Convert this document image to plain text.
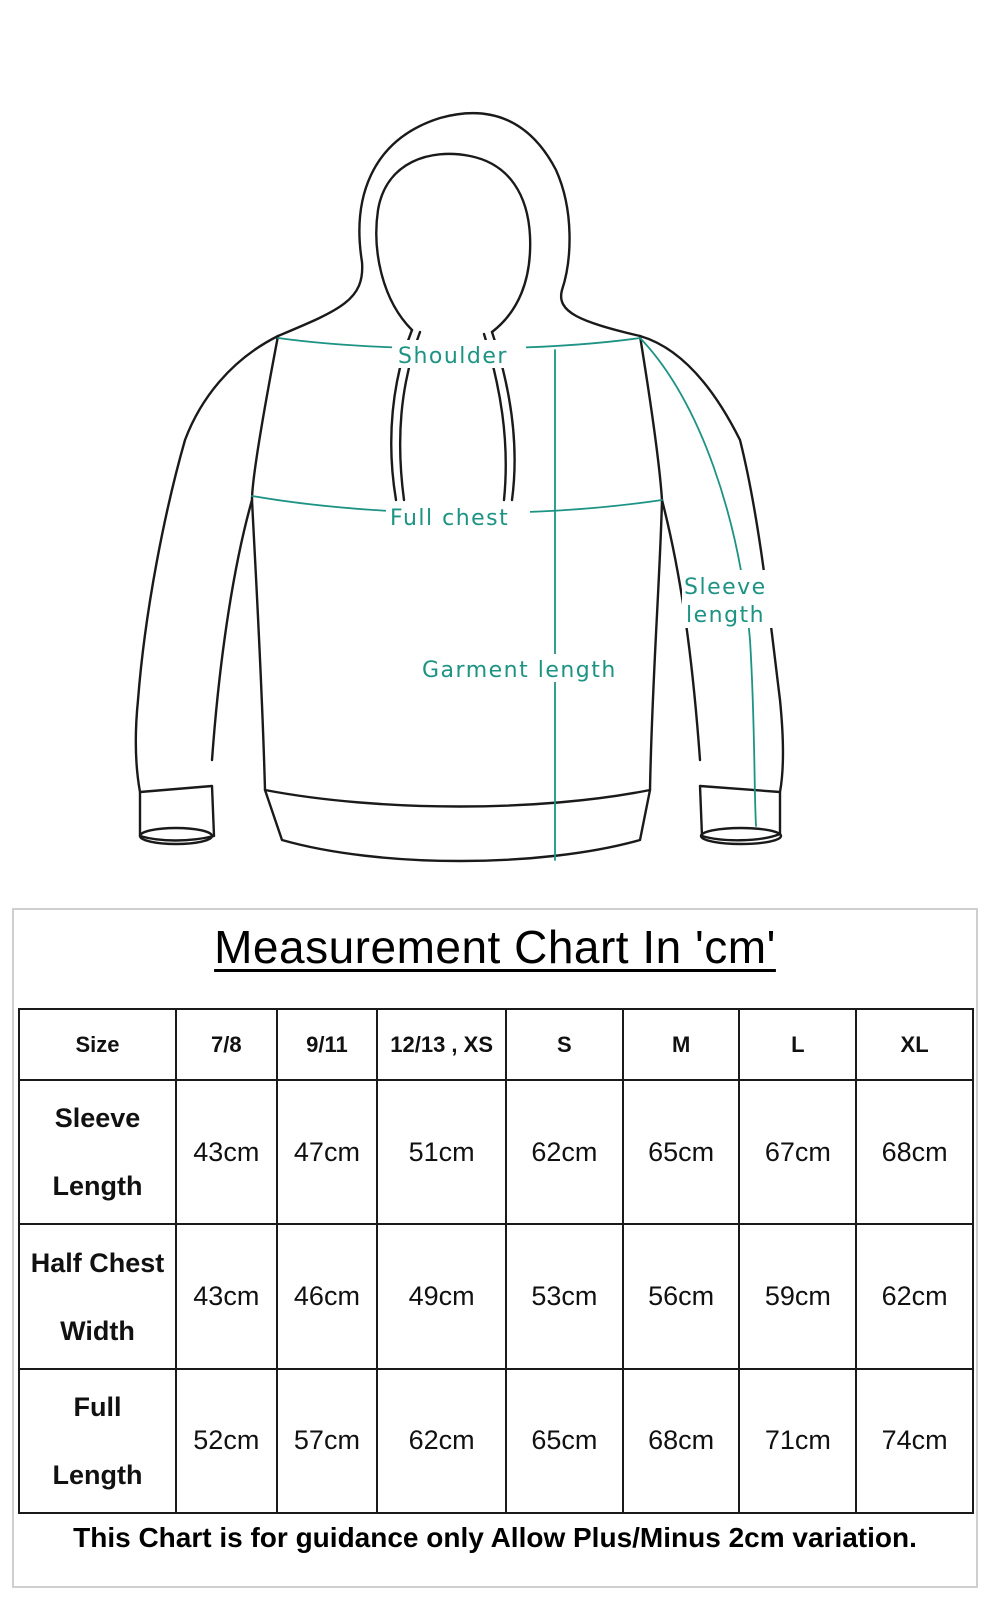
Shoulder
Full chest
Sleeve
length
Garment length
Measurement Chart In 'cm'
Size	7/8	9/11	12/13 , XS	S	M	L	XL

Sleeve
Length	43cm	47cm	51cm	62cm	65cm	67cm	68cm

Half Chest
Width	43cm	46cm	49cm	53cm	56cm	59cm	62cm

Full
Length	52cm	57cm	62cm	65cm	68cm	71cm	74cm
This Chart is for guidance only Allow Plus/Minus 2cm variation.
